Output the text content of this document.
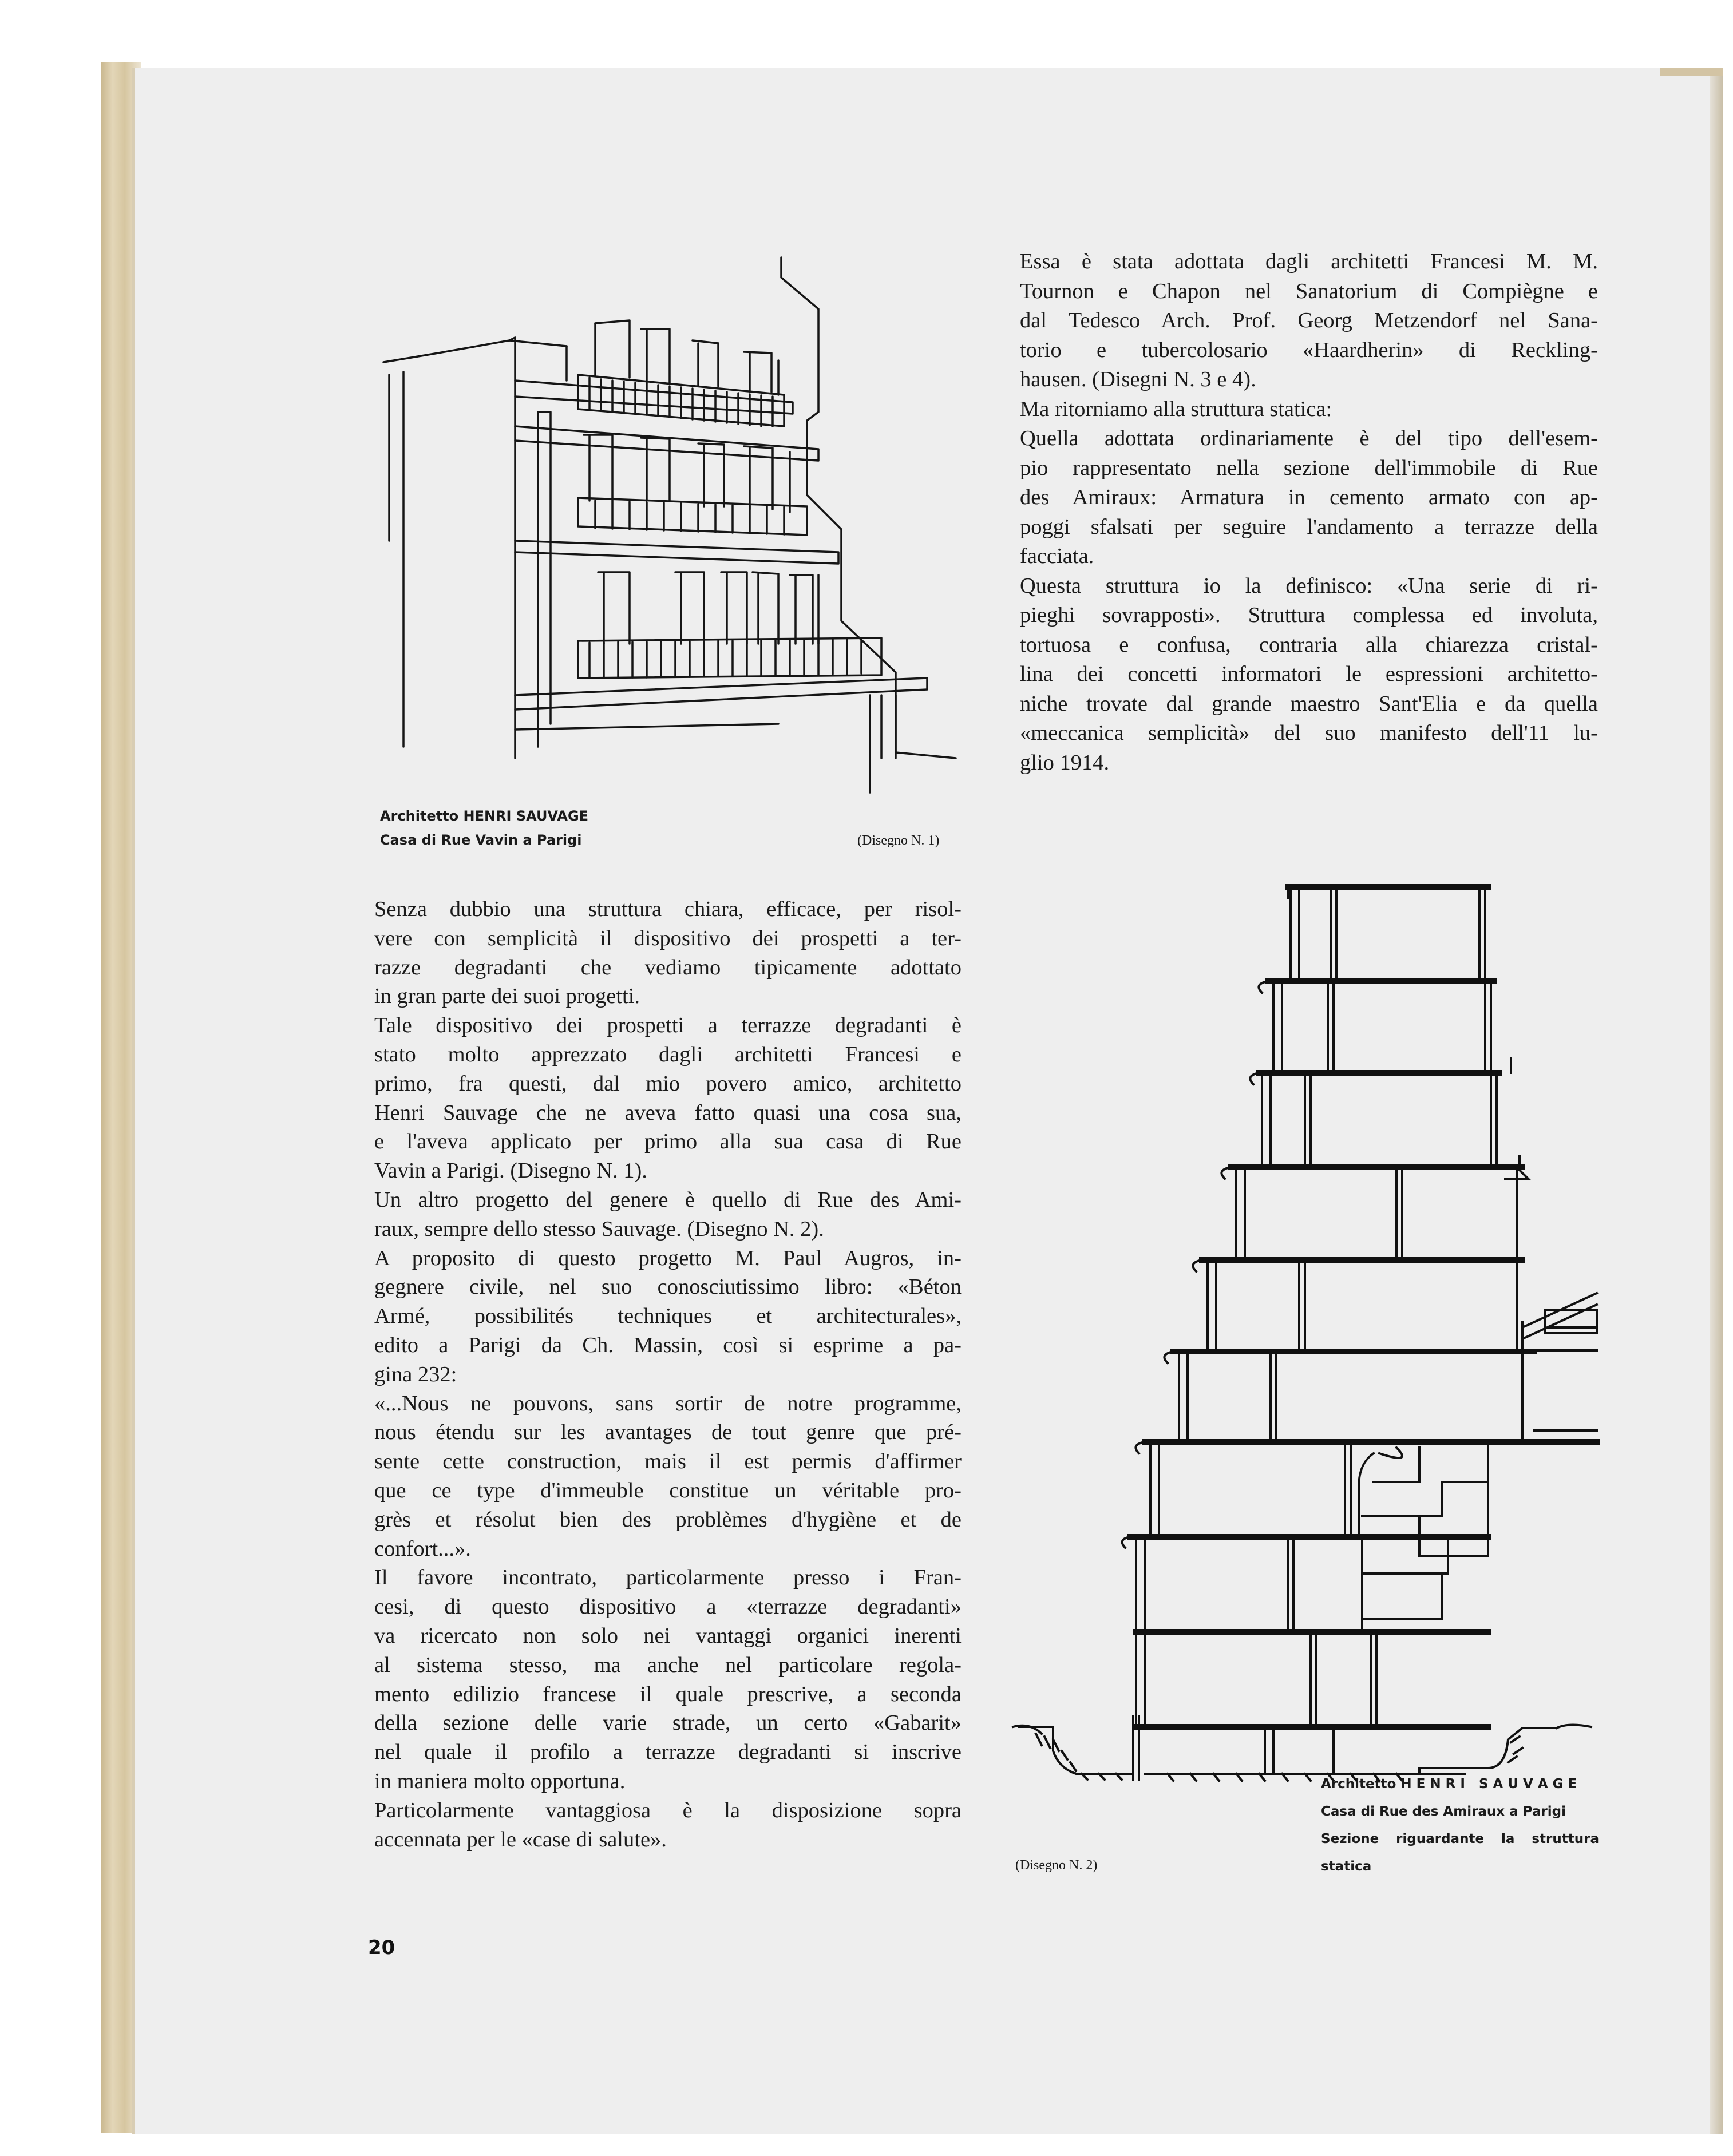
Essa è stata adottata dagli architetti Francesi M. M.
Tournon e Chapon nel Sanatorium di Compiègne e
dal Tedesco Arch. Prof. Georg Metzendorf nel Sana-
torio e tubercolosario «Haardherin» di Reckling-
hausen. (Disegni N. 3 e 4).

Ma ritorniamo alla struttura statica:

Quella adottata ordinariamente è del tipo dell'esem-
pio rappresentato nella sezione dell'immobile di Rue
des Amiraux: Armatura in cemento armato con ap-
poggi sfalsati per seguire l'andamento a terrazze della
facciata.

Questa struttura io la definisco: «Una serie di ri-
pieghi sovrapposti». Struttura complessa ed involuta,
tortuosa e confusa, contraria alla chiarezza cristal-
lina dei concetti informatori le espressioni architetto-
niche trovate dal grande maestro Sant'Elia e da quella
«meccanica semplicità» del suo manifesto dell'11 lu-
glio 1914.

Senza dubbio una struttura chiara, efficace, per risol-
vere con semplicità il dispositivo dei prospetti a ter-
razze degradanti che vediamo tipicamente adottato
in gran parte dei suoi progetti.

Tale dispositivo dei prospetti a terrazze degradanti è
stato molto apprezzato dagli architetti Francesi e
primo, fra questi, dal mio povero amico, architetto
Henri Sauvage che ne aveva fatto quasi una cosa sua,
e l'aveva applicato per primo alla sua casa di Rue
Vavin a Parigi. (Disegno N. 1).

Un altro progetto del genere è quello di Rue des Ami-
raux, sempre dello stesso Sauvage. (Disegno N. 2).

A proposito di questo progetto M. Paul Augros, in-
gegnere civile, nel suo conosciutissimo libro: «Béton
Armé, possibilités techniques et architecturales»,
edito a Parigi da Ch. Massin, così si esprime a pa-
gina 232:

«...Nous ne pouvons, sans sortir de notre programme,
nous étendu sur les avantages de tout genre que pré-
sente cette construction, mais il est permis d'affirmer
que ce type d'immeuble constitue un véritable pro-
grès et résolut bien des problèmes d'hygiène et de
confort...».

Il favore incontrato, particolarmente presso i Fran-
cesi, di questo dispositivo a «terrazze degradanti»
va ricercato non solo nei vantaggi organici inerenti
al sistema stesso, ma anche nel particolare regola-
mento edilizio francese il quale prescrive, a seconda
della sezione delle varie strade, un certo «Gabarit»
nel quale il profilo a terrazze degradanti si inscrive
in maniera molto opportuna.

Particolarmente vantaggiosa è la disposizione sopra
accennata per le «case di salute».

Architetto HENRI SAUVAGE
Casa di Rue Vavin a Parigi	(Disegno N. 1)
Architetto H E N R I   S A U V A G E
Casa di Rue des Amiraux a Parigi
Sezione riguardante la struttura
statica
(Disegno N. 2)
20
